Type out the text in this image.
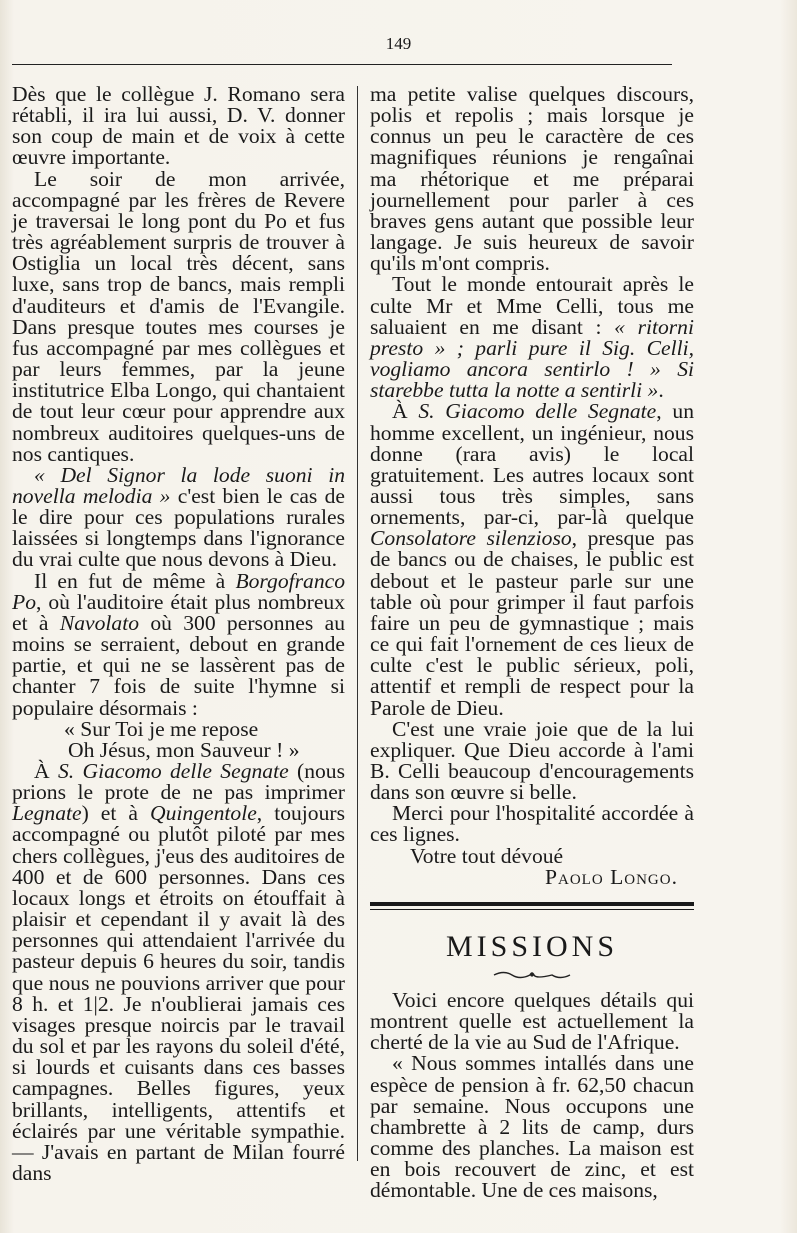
149

Dès que le collègue J. Romano sera rétabli, il ira lui aussi, D. V. donner son coup de main et de voix à cette œuvre importante.

Le soir de mon arrivée, accompagné par les frères de Revere je traversai le long pont du Po et fus très agréablement surpris de trouver à Ostiglia un local très décent, sans luxe, sans trop de bancs, mais rempli d'auditeurs et d'amis de l'Evangile. Dans presque toutes mes courses je fus accompagné par mes collègues et par leurs femmes, par la jeune institutrice Elba Longo, qui chantaient de tout leur cœur pour apprendre aux nombreux auditoires quelques-uns de nos cantiques.

« Del Signor la lode suoni in novella melodia » c'est bien le cas de le dire pour ces populations rurales laissées si longtemps dans l'ignorance du vrai culte que nous devons à Dieu.

Il en fut de même à Borgofranco Po, où l'auditoire était plus nombreux et à Navolato où 300 personnes au moins se serraient, debout en grande partie, et qui ne se lassèrent pas de chanter 7 fois de suite l'hymne si populaire désormais :

« Sur Toi je me repose

Oh Jésus, mon Sauveur ! »

À S. Giacomo delle Segnate (nous prions le prote de ne pas imprimer Legnate) et à Quingentole, toujours accompagné ou plutôt piloté par mes chers collègues, j'eus des auditoires de 400 et de 600 personnes. Dans ces locaux longs et étroits on étouffait à plaisir et cependant il y avait là des personnes qui attendaient l'arrivée du pasteur depuis 6 heures du soir, tandis que nous ne pouvions arriver que pour 8 h. et 1|2. Je n'oublierai jamais ces visages presque noircis par le travail du sol et par les rayons du soleil d'été, si lourds et cuisants dans ces basses campagnes. Belles figures, yeux brillants, intelligents, attentifs et éclairés par une véritable sympathie. — J'avais en partant de Milan fourré dans

ma petite valise quelques discours, polis et repolis ; mais lorsque je connus un peu le caractère de ces magnifiques réunions je rengaînai ma rhétorique et me préparai journellement pour parler à ces braves gens autant que possible leur langage. Je suis heureux de savoir qu'ils m'ont compris.

Tout le monde entourait après le culte Mr et Mme Celli, tous me saluaient en me disant : « ritorni presto » ; parli pure il Sig. Celli, vogliamo ancora sentirlo ! » Si starebbe tutta la notte a sentirli ».

À S. Giacomo delle Segnate, un homme excellent, un ingénieur, nous donne (rara avis) le local gratuitement. Les autres locaux sont aussi tous très simples, sans ornements, par-ci, par-là quelque Consolatore silenzioso, presque pas de bancs ou de chaises, le public est debout et le pasteur parle sur une table où pour grimper il faut parfois faire un peu de gymnastique ; mais ce qui fait l'ornement de ces lieux de culte c'est le public sérieux, poli, attentif et rempli de respect pour la Parole de Dieu.

C'est une vraie joie que de la lui expliquer. Que Dieu accorde à l'ami B. Celli beaucoup d'encouragements dans son œuvre si belle.

Merci pour l'hospitalité accordée à ces lignes.

Votre tout dévoué

Paolo Longo.

MISSIONS

Voici encore quelques détails qui montrent quelle est actuellement la cherté de la vie au Sud de l'Afrique.

« Nous sommes intallés dans une espèce de pension à fr. 62,50 chacun par semaine. Nous occupons une chambrette à 2 lits de camp, durs comme des planches. La maison est en bois recouvert de zinc, et est démontable. Une de ces maisons,
